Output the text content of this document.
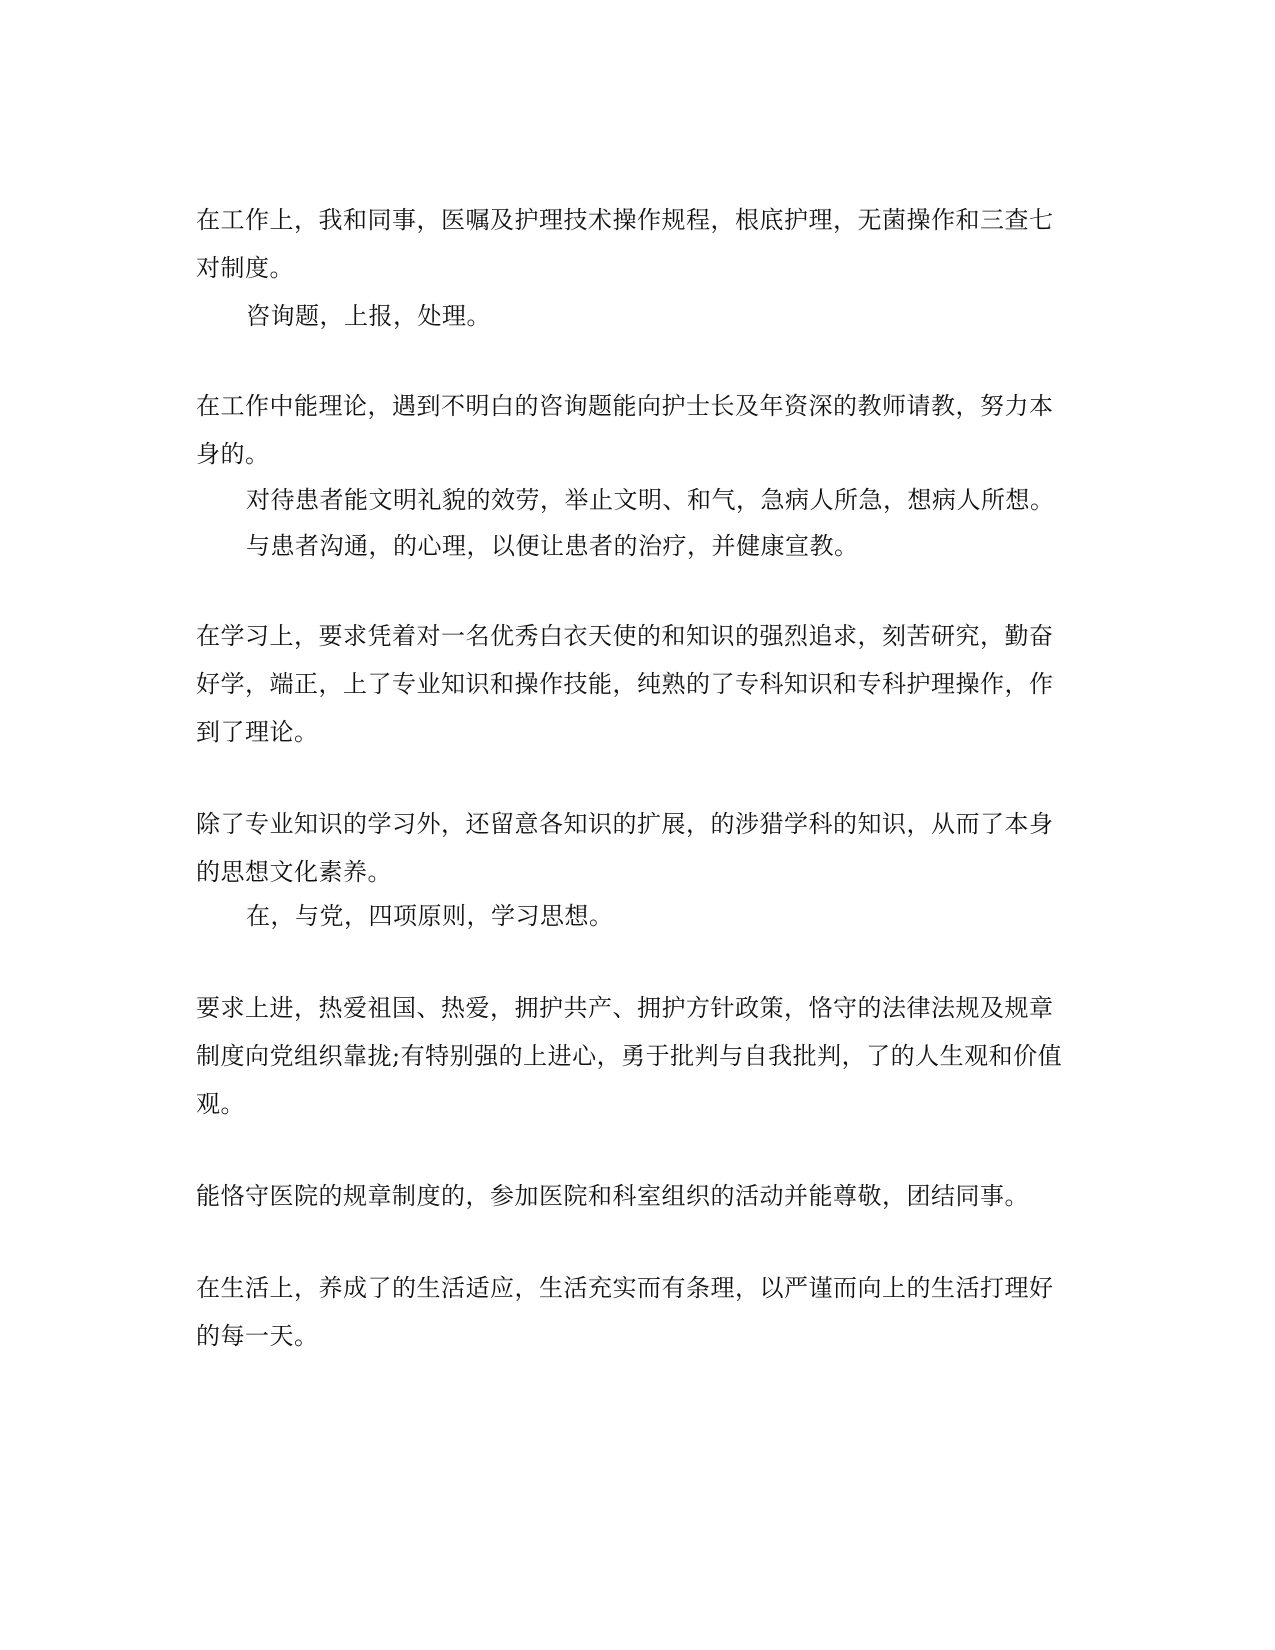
在工作上，我和同事，医嘱及护理技术操作规程，根底护理，无菌操作和三查七对制度。

咨询题，上报，处理。

在工作中能理论，遇到不明白的咨询题能向护士长及年资深的教师请教，努力本身的。

对待患者能文明礼貌的效劳，举止文明、和气，急病人所急，想病人所想。

与患者沟通，的心理，以便让患者的治疗，并健康宣教。

在学习上，要求凭着对一名优秀白衣天使的和知识的强烈追求，刻苦研究，勤奋好学，端正，上了专业知识和操作技能，纯熟的了专科知识和专科护理操作，作到了理论。

除了专业知识的学习外，还留意各知识的扩展，的涉猎学科的知识，从而了本身的思想文化素养。

在，与党，四项原则，学习思想。

要求上进，热爱祖国、热爱，拥护共产、拥护方针政策，恪守的法律法规及规章制度向党组织靠拢;有特别强的上进心，勇于批判与自我批判，了的人生观和价值观。

能恪守医院的规章制度的，参加医院和科室组织的活动并能尊敬，团结同事。

在生活上，养成了的生活适应，生活充实而有条理，以严谨而向上的生活打理好的每一天。
